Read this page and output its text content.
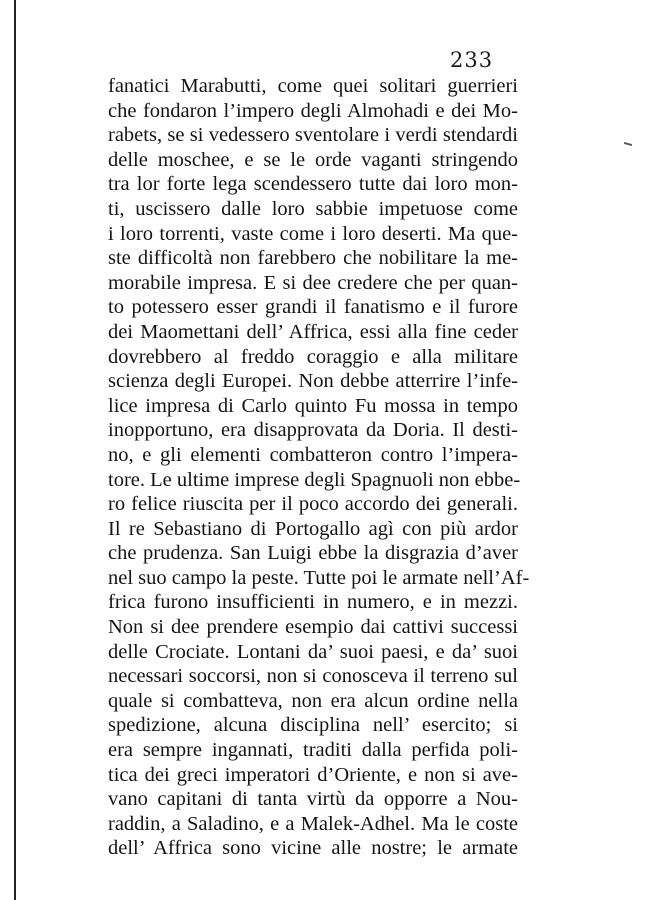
233
fanatici Marabutti, come quei solitari guerrieri
che fondaron l’impero degli Almohadi e dei Mo-
rabets, se si vedessero sventolare i verdi stendardi
delle moschee, e se le orde vaganti stringendo
tra lor forte lega scendessero tutte dai loro mon-
ti, uscissero dalle loro sabbie impetuose come
i loro torrenti, vaste come i loro deserti. Ma que-
ste difficoltà non farebbero che nobilitare la me-
morabile impresa. E si dee credere che per quan-
to potessero esser grandi il fanatismo e il furore
dei Maomettani dell’ Affrica, essi alla fine ceder
dovrebbero al freddo coraggio e alla militare
scienza degli Europei. Non debbe atterrire l’infe-
lice impresa di Carlo quinto Fu mossa in tempo
inopportuno, era disapprovata da Doria. Il desti-
no, e gli elementi combatteron contro l’impera-
tore. Le ultime imprese degli Spagnuoli non ebbe-
ro felice riuscita per il poco accordo dei generali.
Il re Sebastiano di Portogallo agì con più ardor
che prudenza. San Luigi ebbe la disgrazia d’aver
nel suo campo la peste. Tutte poi le armate nell’Af-
frica furono insufficienti in numero, e in mezzi.
Non si dee prendere esempio dai cattivi successi
delle Crociate. Lontani da’ suoi paesi, e da’ suoi
necessari soccorsi, non si conosceva il terreno sul
quale si combatteva, non era alcun ordine nella
spedizione, alcuna disciplina nell’ esercito; si
era sempre ingannati, traditi dalla perfida poli-
tica dei greci imperatori d’Oriente, e non si ave-
vano capitani di tanta virtù da opporre a Nou-
raddin, a Saladino, e a Malek-Adhel. Ma le coste
dell’ Affrica sono vicine alle nostre; le armate
